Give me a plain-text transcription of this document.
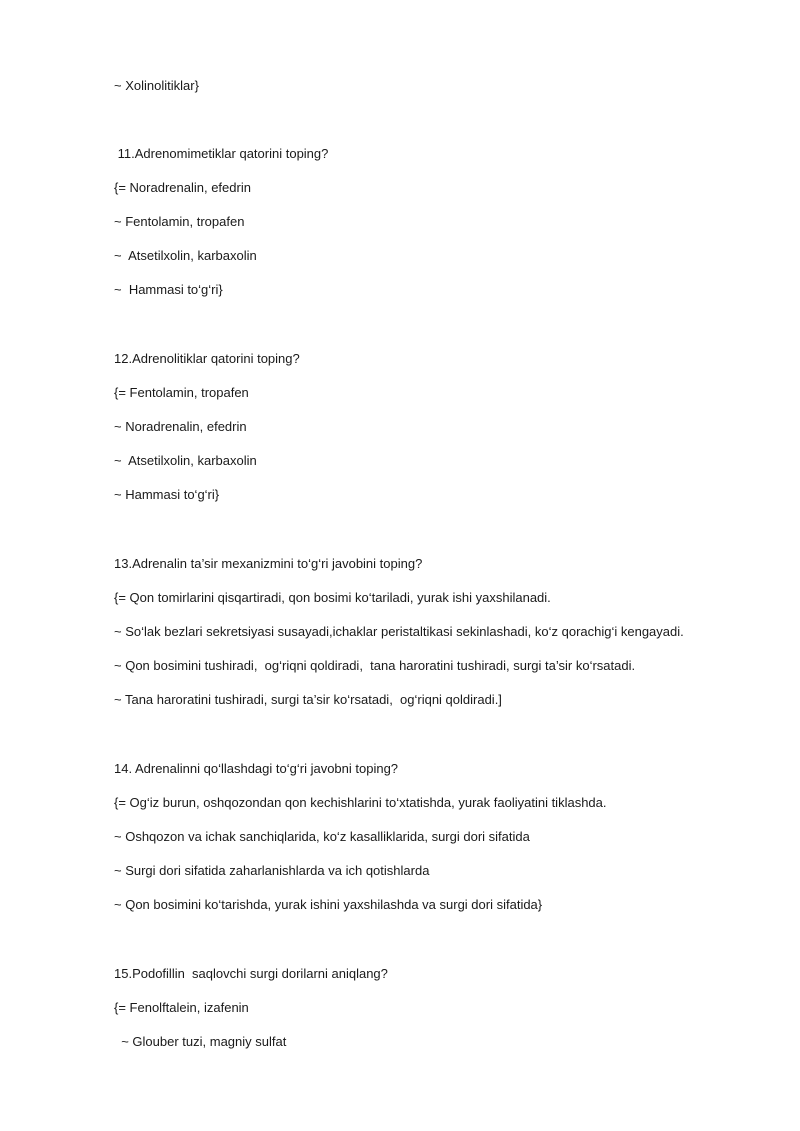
~ Xolinolitiklar}
11.Adrenomimetiklar qatorini toping?
{= Noradrenalin, efedrin
~ Fentolamin, tropafen
~  Atsetilxolin, karbaxolin
~  Hammasi to‘g‘ri}
12.Adrenolitiklar qatorini toping?
{= Fentolamin, tropafen
~ Noradrenalin, efedrin
~  Atsetilxolin, karbaxolin
~ Hammasi to‘g‘ri}
13.Adrenalin ta’sir mexanizmini to‘g‘ri javobini toping?
{= Qon tomirlarini qisqartiradi, qon bosimi ko‘tariladi, yurak ishi yaxshilanadi.
~ So‘lak bezlari sekretsiyasi susayadi,ichaklar peristaltikasi sekinlashadi, ko‘z qorachig‘i kengayadi.
~ Qon bosimini tushiradi,  og‘riqni qoldiradi,  tana haroratini tushiradi, surgi ta’sir ko‘rsatadi.
~ Tana haroratini tushiradi, surgi ta’sir ko‘rsatadi,  og‘riqni qoldiradi.]
14. Adrenalinni qo‘llashdagi to‘g‘ri javobni toping?
{= Og‘iz burun, oshqozondan qon kechishlarini to‘xtatishda, yurak faoliyatini tiklashda.
~ Oshqozon va ichak sanchiqlarida, ko‘z kasalliklarida, surgi dori sifatida
~ Surgi dori sifatida zaharlanishlarda va ich qotishlarda
~ Qon bosimini ko‘tarishda, yurak ishini yaxshilashda va surgi dori sifatida}
15.Podofillin  saqlovchi surgi dorilarni aniqlang?
{= Fenolftalein, izafenin
~ Glouber tuzi, magniy sulfat
